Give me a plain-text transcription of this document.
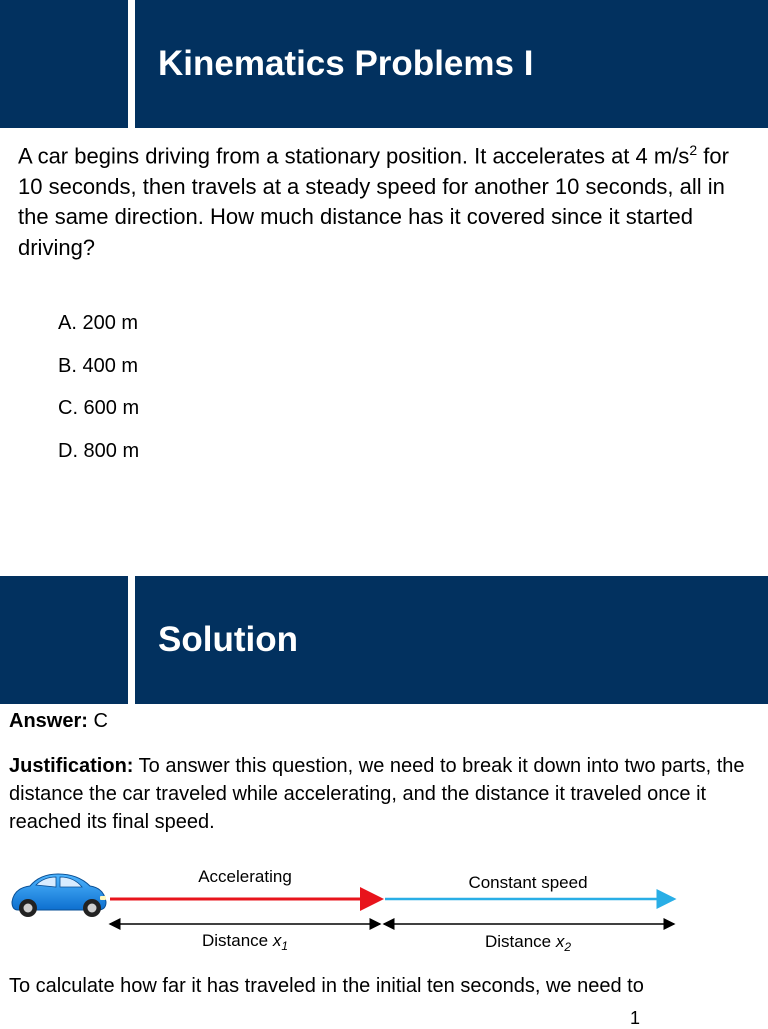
Kinematics Problems I
A car begins driving from a stationary position. It accelerates at 4 $m/s^2$ for 10 seconds, then travels at a steady speed for another 10 seconds, all in the same direction. How much distance has it covered since it started driving?
A. 200 m
B. 400 m
C. 600 m
D. 800 m
Solution
Answer: C
Justification: To answer this question, we need to break it down into two parts, the distance the car traveled while accelerating, and the distance it traveled once it reached its final speed.
Accelerating	Constant speed
Distance $x_1$	Distance $x_2$
To calculate how far it has traveled in the initial ten seconds, we need to
1
